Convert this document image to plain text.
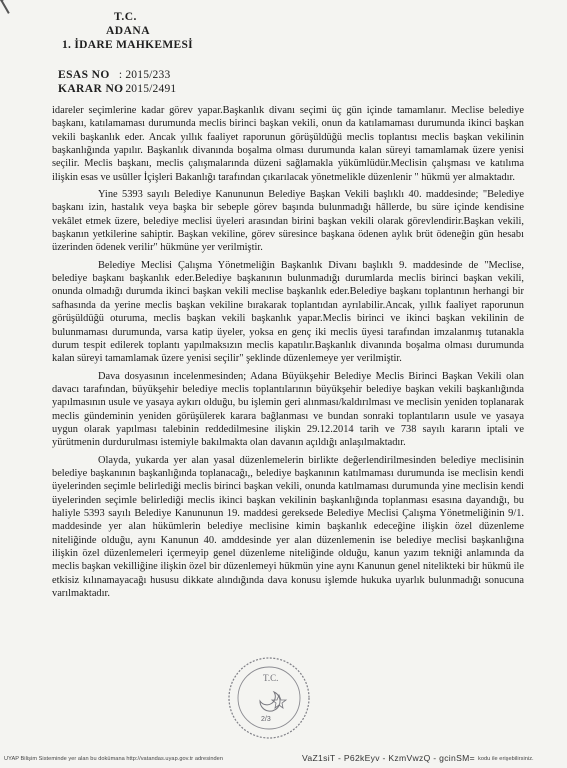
T.C.
ADANA
1. İDARE MAHKEMESİ
ESAS NO : 2015/233
KARAR NO : 2015/2491

idareler seçimlerine kadar görev yapar.Başkanlık divanı seçimi üç gün içinde tamamlanır. Meclise belediye başkanı, katılamaması durumunda meclis birinci başkan vekili, onun da katılamaması durumunda ikinci başkan vekili başkanlık eder. Ancak yıllık faaliyet raporunun görüşüldüğü meclis toplantısı meclis başkan vekilinin başkanlığında yapılır. Başkanlık divanında boşalma olması durumunda kalan süreyi tamamlamak üzere yenisi seçilir. Meclis başkanı, meclis çalışmalarında düzeni sağlamakla yükümlüdür.Meclisin çalışması ve katılıma ilişkin esas ve usûller İçişleri Bakanlığı tarafından çıkarılacak yönetmelikle düzenlenir " hükmü yer almaktadır.

Yine 5393 sayılı Belediye Kanununun Belediye Başkan Vekili başlıklı 40. maddesinde; "Belediye başkanı izin, hastalık veya başka bir sebeple görev başında bulunmadığı hâllerde, bu süre içinde kendisine vekâlet etmek üzere, belediye meclisi üyeleri arasından birini başkan vekili olarak görevlendirir.Başkan vekili, başkanın yetkilerine sahiptir. Başkan vekiline, görev süresince başkana ödenen aylık brüt ödeneğin gün hesabı üzerinden ödenek verilir" hükmüne yer verilmiştir.

Belediye Meclisi Çalışma Yönetmeliğin Başkanlık Divanı başlıklı 9. maddesinde de "Meclise, belediye başkanı başkanlık eder.Belediye başkanının bulunmadığı durumlarda meclis birinci başkan vekili, onunda olmadığı durumda ikinci başkan vekili meclise başkanlık eder.Belediye başkanı toplantının herhangi bir safhasında da yerine meclis başkan vekiline bırakarak toplantıdan ayrılabilir.Ancak, yıllık faaliyet raporunun görüşüldüğü oturuma, meclis başkan vekili başkanlık yapar.Meclis birinci ve ikinci başkan vekilinin de bulunmaması durumunda, varsa katip üyeler, yoksa en genç iki meclis üyesi tarafından imzalanmış tutanakla durum tespit edilerek toplantı yapılmaksızın meclis kapatılır.Başkanlık divanında boşalma olması durumunda kalan süreyi tamamlamak üzere yenisi seçilir" şeklinde düzenlemeye yer verilmiştir.

Dava dosyasının incelenmesinden; Adana Büyükşehir Belediye Meclis Birinci Başkan Vekili olan davacı tarafından, büyükşehir belediye meclis toplantılarının büyükşehir belediye başkan vekili başkanlığında yapılmasının usule ve yasaya aykırı olduğu, bu işlemin geri alınması/kaldırılması ve meclisin yeniden toplanarak meclis gündeminin yeniden görüşülerek karara bağlanması ve bundan sonraki toplantıların usule ve yasaya uygun olarak yapılması talebinin reddedilmesine ilişkin 29.12.2014 tarih ve 738 sayılı kararın iptali ve yürütmenin durdurulması istemiyle bakılmakta olan davanın açıldığı anlaşılmaktadır.

Olayda, yukarda yer alan yasal düzenlemelerin birlikte değerlendirilmesinden belediye meclisinin belediye başkanının başkanlığında toplanacağı,, belediye başkanının katılmaması durumunda ise meclisin kendi üyelerinden seçimle belirlediği meclis birinci başkan vekili, onunda katılmaması durumunda yine meclisin kendi üyelerinden seçimle belirlediği meclis ikinci başkan vekilinin başkanlığında toplanması esasına dayandığı, bu haliyle 5393 sayılı Belediye Kanununun 19. maddesi gereksede Belediye Meclisi Çalışma Yönetmeliğinin 9/1. maddesinde yer alan hükümlerin belediye meclisine kimin başkanlık edeceğine ilişkin özel düzenleme niteliğinde olduğu, aynı Kanunun 40. amddesinde yer alan düzenlemenin ise belediye meclisi başkanlığına ilişkin özel düzenlemeleri içermeyip genel düzenleme niteliğinde olduğu, kanun yazım tekniği anlamında da meclis başkan vekilliğine ilişkin özel bir düzenlemeyi hükmün yine aynı Kanunun genel nitelikteki bir hükmü ile etkisiz kılınamayacağı hususu dikkate alındığında dava konusu işlemde hukuka uyarlık bulunmadığı sonucuna varılmaktadır.

T.C.
2/3
UYAP Bilişim Sisteminde yer alan bu dokümana http://vatandas.uyap.gov.tr adresinden	VaZ1siT - P62kEyv - KzmVwzQ - gcinSM= kodu ile erişebilirsiniz.
